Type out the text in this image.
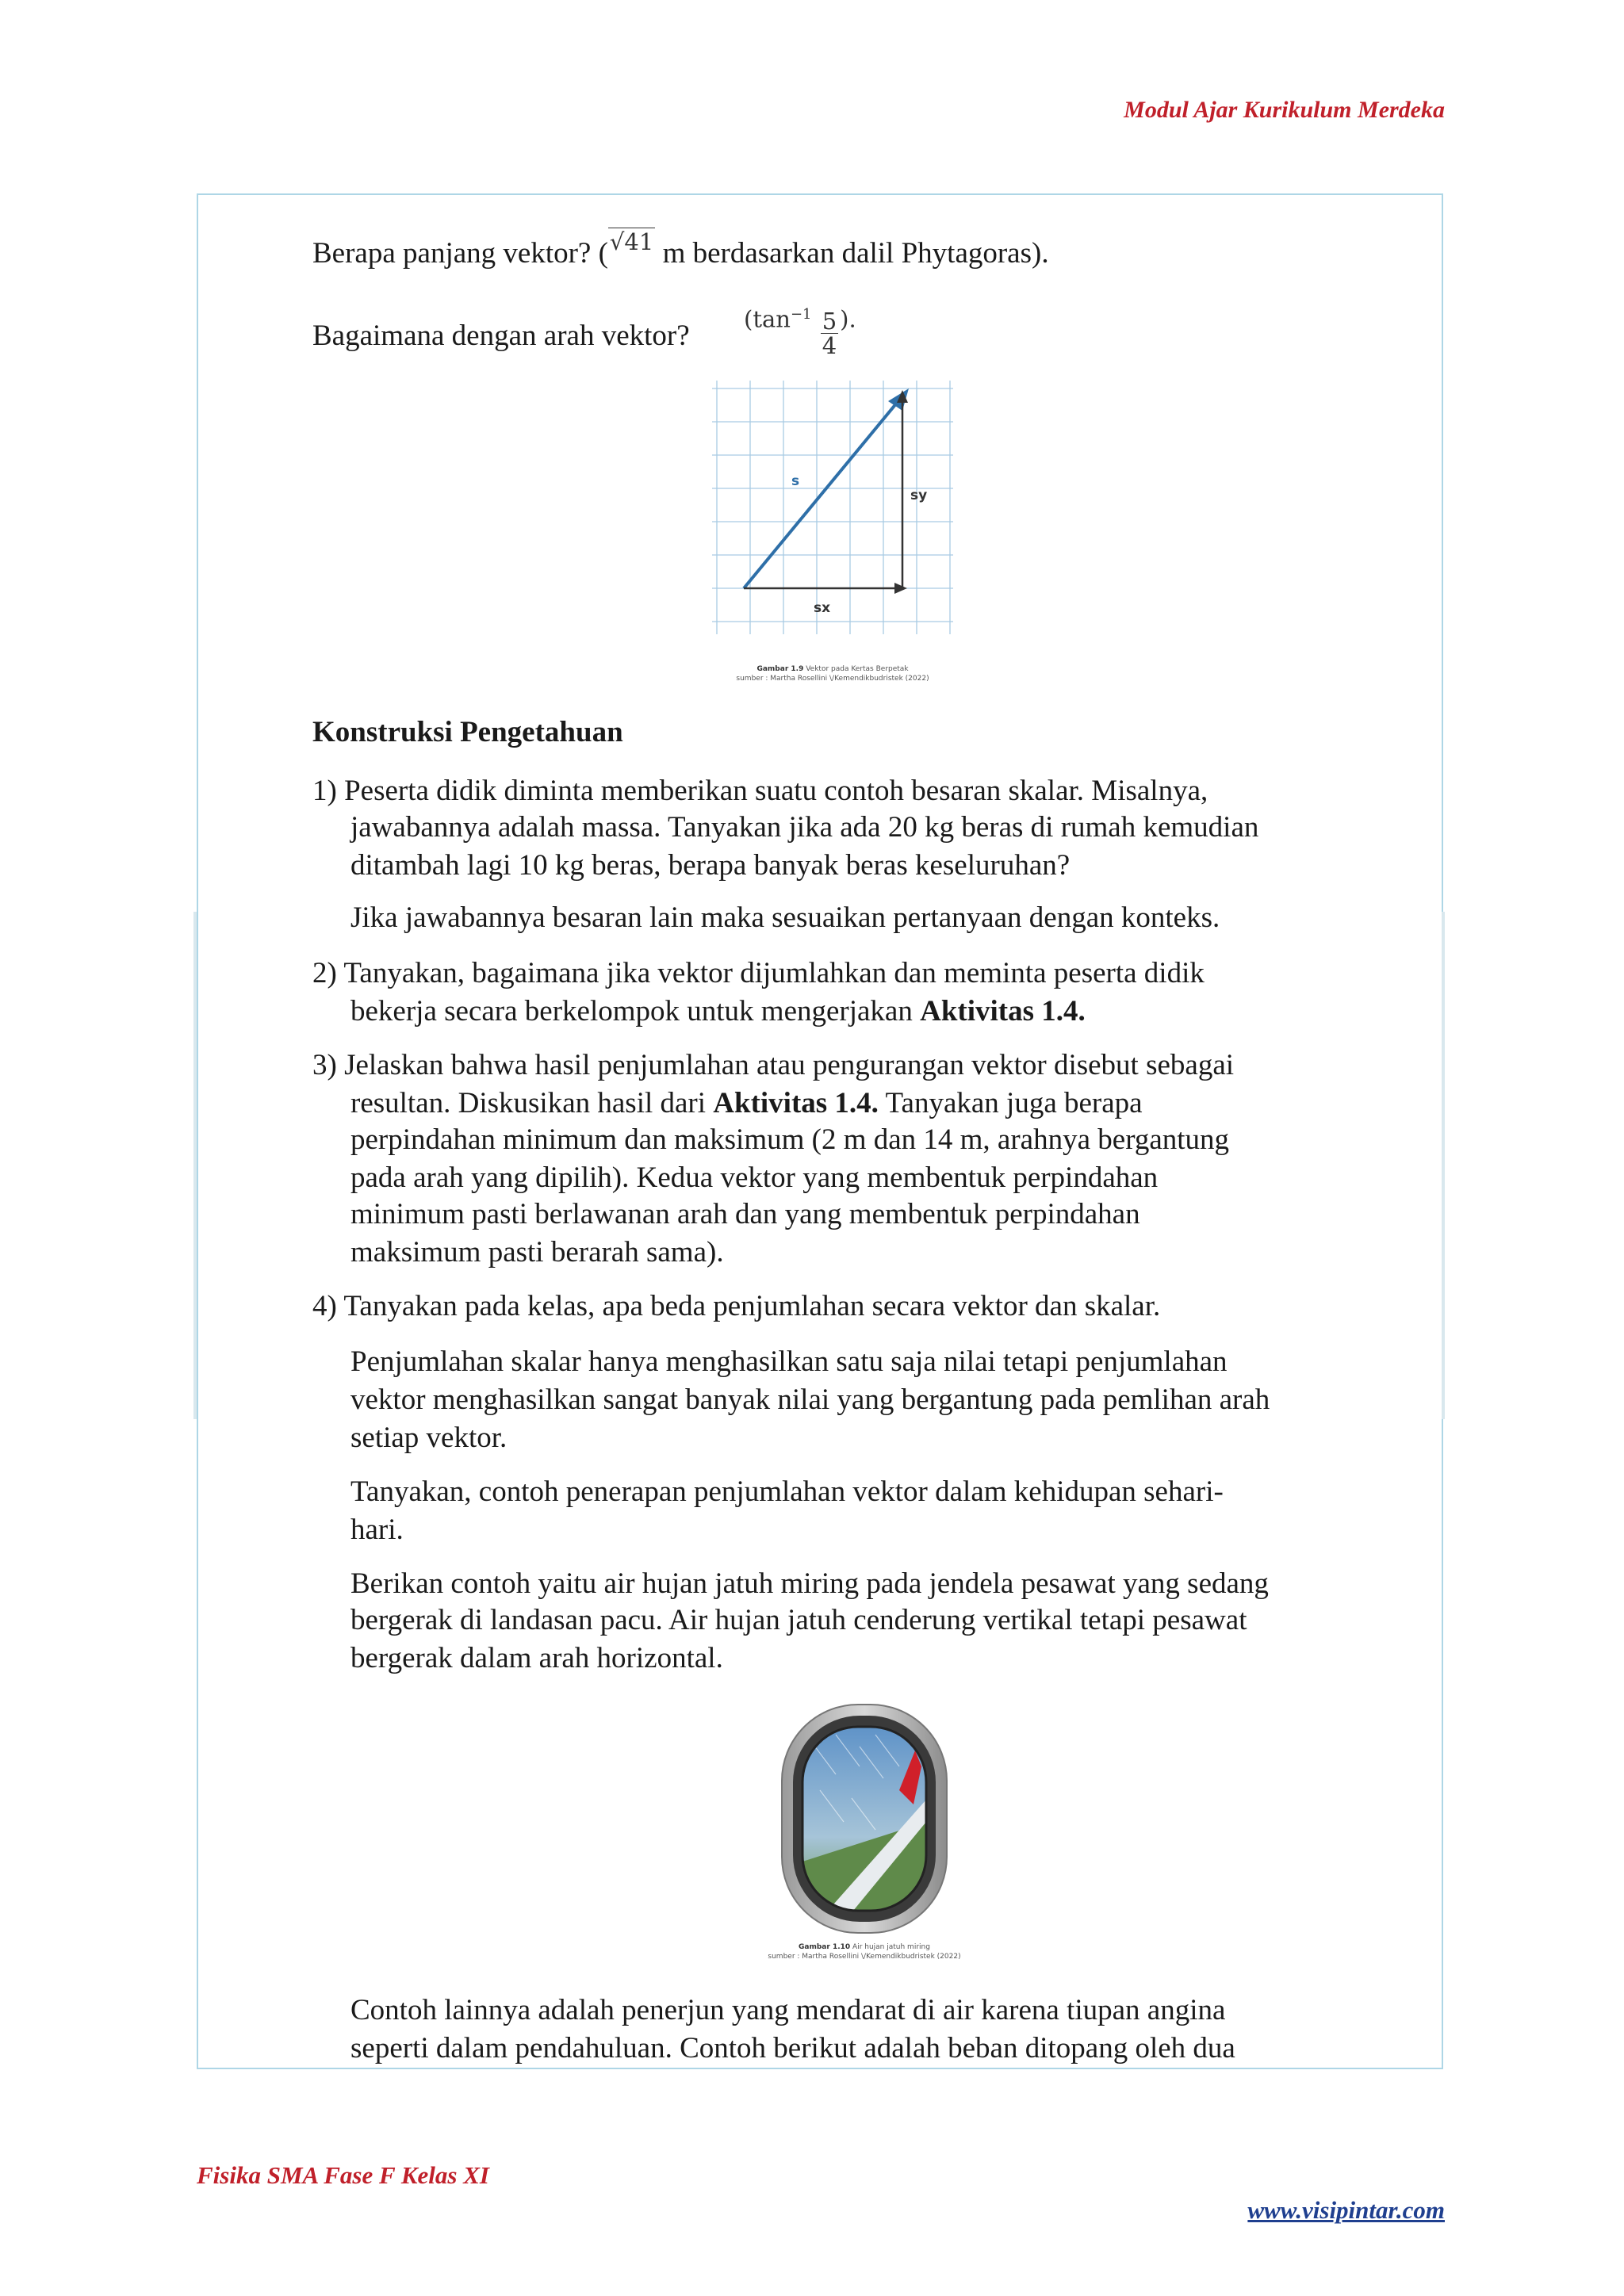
Modul Ajar Kurikulum Merdeka
Berapa panjang vektor? ($^{√41}$ m berdasarkan dalil Phytagoras).
Bagaimana dengan arah vektor?
($\tan^{-1} \frac{5}{4}$ ).
s
sy
sx
Gambar 1.9 Vektor pada Kertas Berpetak
sumber : Martha Rosellini \/Kemendikbudristek (2022)
Konstruksi Pengetahuan
1) Peserta didik diminta memberikan suatu contoh besaran skalar. Misalnya,
jawabannya adalah massa. Tanyakan jika ada 20 kg beras di rumah kemudian
ditambah lagi 10 kg beras, berapa banyak beras keseluruhan?
Jika jawabannya besaran lain maka sesuaikan pertanyaan dengan konteks.
2) Tanyakan, bagaimana jika vektor dijumlahkan dan meminta peserta didik
bekerja secara berkelompok untuk mengerjakan Aktivitas 1.4.
3) Jelaskan bahwa hasil penjumlahan atau pengurangan vektor disebut sebagai
resultan. Diskusikan hasil dari Aktivitas 1.4. Tanyakan juga berapa
perpindahan minimum dan maksimum (2 m dan 14 m, arahnya bergantung
pada arah yang dipilih). Kedua vektor yang membentuk perpindahan
minimum pasti berlawanan arah dan yang membentuk perpindahan
maksimum pasti berarah sama).
4) Tanyakan pada kelas, apa beda penjumlahan secara vektor dan skalar.
Penjumlahan skalar hanya menghasilkan satu saja nilai tetapi penjumlahan
vektor menghasilkan sangat banyak nilai yang bergantung pada pemlihan arah
setiap vektor.
Tanyakan, contoh penerapan penjumlahan vektor dalam kehidupan sehari-
hari.
Berikan contoh yaitu air hujan jatuh miring pada jendela pesawat yang sedang
bergerak di landasan pacu. Air hujan jatuh cenderung vertikal tetapi pesawat
bergerak dalam arah horizontal.
Gambar 1.10 Air hujan jatuh miring
sumber : Martha Rosellini \/Kemendikbudristek (2022)
Contoh lainnya adalah penerjun yang mendarat di air karena tiupan angina
seperti dalam pendahuluan. Contoh berikut adalah beban ditopang oleh dua
Fisika SMA Fase F Kelas XI
www.visipintar.com
